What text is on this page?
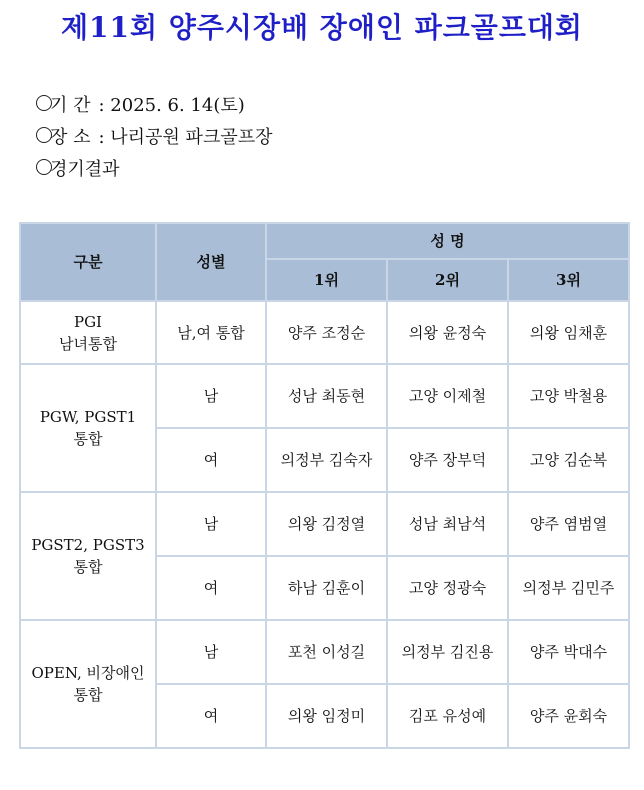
제11회 양주시장배 장애인 파크골프대회
기 간 : 2025. 6. 14(토)
장 소 : 나리공원 파크골프장
경기결과
구분	성별	성 명		
		1위	2위	3위
PGI
남녀통합	남,여 통합	양주 조정순	의왕 윤정숙	의왕 임채훈
PGW, PGST1
통합	남	성남 최동현	고양 이제철	고양 박철용
	여	의정부 김숙자	양주 장부덕	고양 김순복
PGST2, PGST3
통합	남	의왕 김정열	성남 최남석	양주 염범열
	여	하남 김훈이	고양 정광숙	의정부 김민주
OPEN, 비장애인
통합	남	포천 이성길	의정부 김진용	양주 박대수
	여	의왕 임정미	김포 유성예	양주 윤회숙
